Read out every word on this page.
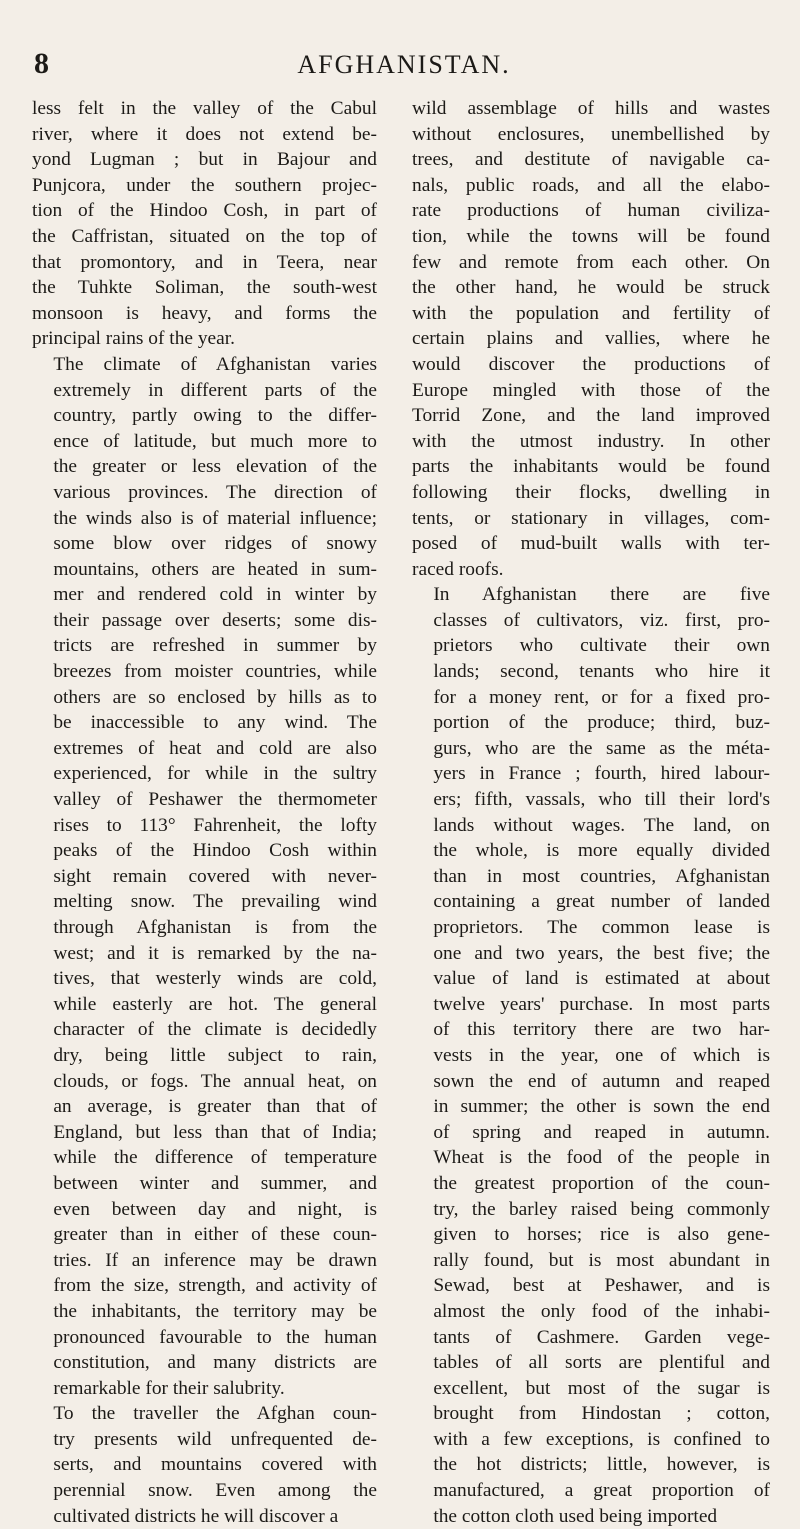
8	AFGHANISTAN.
less felt in the valley of the Cabul
river, where it does not extend be-
yond Lugman ; but in Bajour and
Punjcora, under the southern projec-
tion of the Hindoo Cosh, in part of
the Caffristan, situated on the top of
that promontory, and in Teera, near
the Tuhkte Soliman, the south-west
monsoon is heavy, and forms the
principal rains of the year.
The climate of Afghanistan varies
extremely in different parts of the
country, partly owing to the differ-
ence of latitude, but much more to
the greater or less elevation of the
various provinces. The direction of
the winds also is of material influence;
some blow over ridges of snowy
mountains, others are heated in sum-
mer and rendered cold in winter by
their passage over deserts; some dis-
tricts are refreshed in summer by
breezes from moister countries, while
others are so enclosed by hills as to
be inaccessible to any wind. The
extremes of heat and cold are also
experienced, for while in the sultry
valley of Peshawer the thermometer
rises to 113° Fahrenheit, the lofty
peaks of the Hindoo Cosh within
sight remain covered with never-
melting snow. The prevailing wind
through Afghanistan is from the
west; and it is remarked by the na-
tives, that westerly winds are cold,
while easterly are hot. The general
character of the climate is decidedly
dry, being little subject to rain,
clouds, or fogs. The annual heat, on
an average, is greater than that of
England, but less than that of India;
while the difference of temperature
between winter and summer, and
even between day and night, is
greater than in either of these coun-
tries. If an inference may be drawn
from the size, strength, and activity of
the inhabitants, the territory may be
pronounced favourable to the human
constitution, and many districts are
remarkable for their salubrity.
To the traveller the Afghan coun-
try presents wild unfrequented de-
serts, and mountains covered with
perennial snow. Even among the
cultivated districts he will discover a
wild assemblage of hills and wastes
without enclosures, unembellished by
trees, and destitute of navigable ca-
nals, public roads, and all the elabo-
rate productions of human civiliza-
tion, while the towns will be found
few and remote from each other. On
the other hand, he would be struck
with the population and fertility of
certain plains and vallies, where he
would discover the productions of
Europe mingled with those of the
Torrid Zone, and the land improved
with the utmost industry. In other
parts the inhabitants would be found
following their flocks, dwelling in
tents, or stationary in villages, com-
posed of mud-built walls with ter-
raced roofs.
In Afghanistan there are five
classes of cultivators, viz. first, pro-
prietors who cultivate their own
lands; second, tenants who hire it
for a money rent, or for a fixed pro-
portion of the produce; third, buz-
gurs, who are the same as the méta-
yers in France ; fourth, hired labour-
ers; fifth, vassals, who till their lord's
lands without wages. The land, on
the whole, is more equally divided
than in most countries, Afghanistan
containing a great number of landed
proprietors. The common lease is
one and two years, the best five; the
value of land is estimated at about
twelve years' purchase. In most parts
of this territory there are two har-
vests in the year, one of which is
sown the end of autumn and reaped
in summer; the other is sown the end
of spring and reaped in autumn.
Wheat is the food of the people in
the greatest proportion of the coun-
try, the barley raised being commonly
given to horses; rice is also gene-
rally found, but is most abundant in
Sewad, best at Peshawer, and is
almost the only food of the inhabi-
tants of Cashmere. Garden vege-
tables of all sorts are plentiful and
excellent, but most of the sugar is
brought from Hindostan ; cotton,
with a few exceptions, is confined to
the hot districts; little, however, is
manufactured, a great proportion of
the cotton cloth used being imported
